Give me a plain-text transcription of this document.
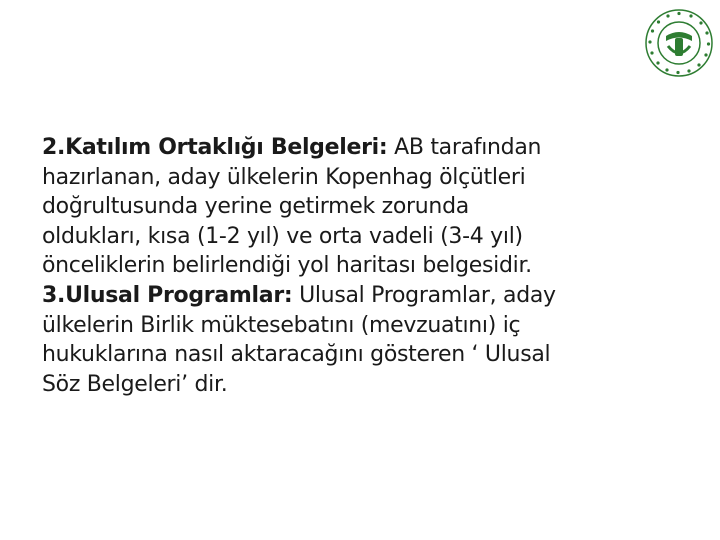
2.Katılım Ortaklığı Belgeleri: AB tarafından
hazırlanan, aday ülkelerin Kopenhag ölçütleri
doğrultusunda yerine getirmek zorunda
oldukları, kısa (1-2 yıl) ve orta vadeli (3-4 yıl)
önceliklerin belirlendiği yol haritası belgesidir.

3.Ulusal Programlar: Ulusal Programlar, aday
ülkelerin Birlik müktesebatını (mevzuatını) iç
hukuklarına nasıl aktaracağını gösteren ‘ Ulusal
Söz Belgeleri’ dir.
